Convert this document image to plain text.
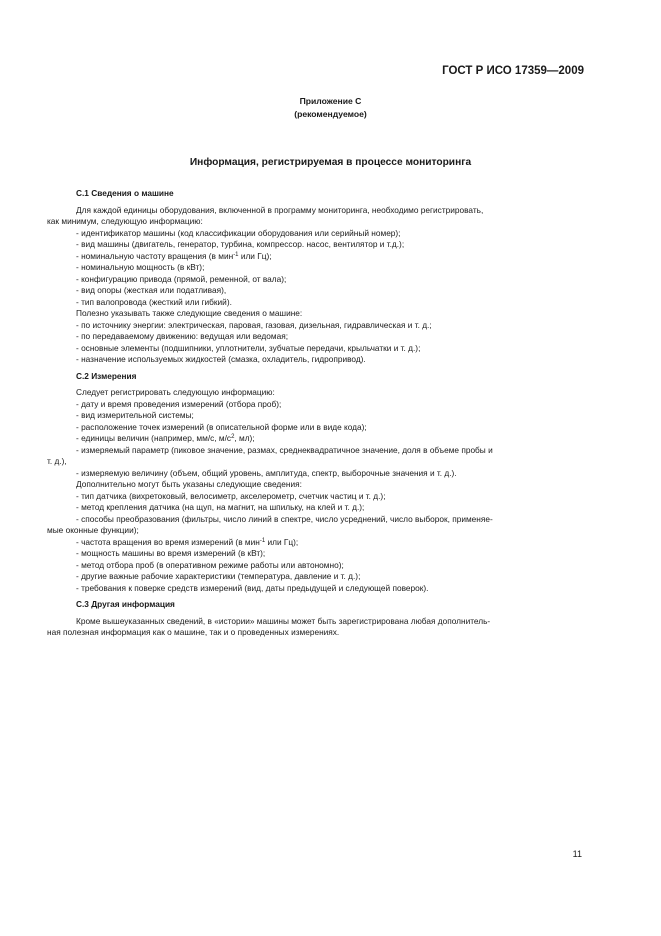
ГОСТ Р ИСО 17359—2009
Приложение С
(рекомендуемое)
Информация, регистрируемая в процессе мониторинга

С.1 Сведения о машине

Для каждой единицы оборудования, включенной в программу мониторинга, необходимо регистрировать,

как минимум, следующую информацию:

- идентификатор машины (код классификации оборудования или серийный номер);

- вид машины (двигатель, генератор, турбина, компрессор. насос, вентилятор и т.д.);

- номинальную частоту вращения (в мин$^{-1}$ или Гц);

- номинальную мощность (в кВт);

- конфигурацию привода (прямой, ременной, от вала);

- вид опоры (жесткая или податливая),

- тип валопровода (жесткий или гибкий).

Полезно указывать также следующие сведения о машине:

- по источнику энергии: электрическая, паровая, газовая, дизельная, гидравлическая и т. д.;

- по передаваемому движению: ведущая или ведомая;

- основные элементы (подшипники, уплотнители, зубчатые передачи, крыльчатки и т. д.);

- назначение используемых жидкостей (смазка, охладитель, гидропривод).

С.2 Измерения

Следует регистрировать следующую информацию:

- дату и время проведения измерений (отбора проб);

- вид измерительной системы;

- расположение точек измерений (в описательной форме или в виде кода);

- единицы величин (например, мм/с, $м/с^2$, мл);

- измеряемый параметр (пиковое значение, размах, среднеквадратичное значение, доля в объеме пробы и

т. д.),

- измеряемую величину (объем, общий уровень, амплитуда, спектр, выборочные значения и т. д.).

Дополнительно могут быть указаны следующие сведения:

- тип датчика (вихретоковый, велосиметр, акселерометр, счетчик частиц и т. д.);

- метод крепления датчика (на щуп, на магнит, на шпильку, на клей и т. д.);

- способы преобразования (фильтры, число линий в спектре, число усреднений, число выборок, применяе-

мые оконные функции);

- частота вращения во время измерений (в мин$^{-1}$ или Гц);

- мощность машины во время измерений (в кВт);

- метод отбора проб (в оперативном режиме работы или автономно);

- другие важные рабочие характеристики (температура, давление и т. д.);

- требования к поверке средств измерений (вид, даты предыдущей и следующей поверок).

С.3 Другая информация

Кроме вышеуказанных сведений, в «истории» машины может быть зарегистрирована любая дополнитель-

ная полезная информация как о машине, так и о проведенных измерениях.

11
